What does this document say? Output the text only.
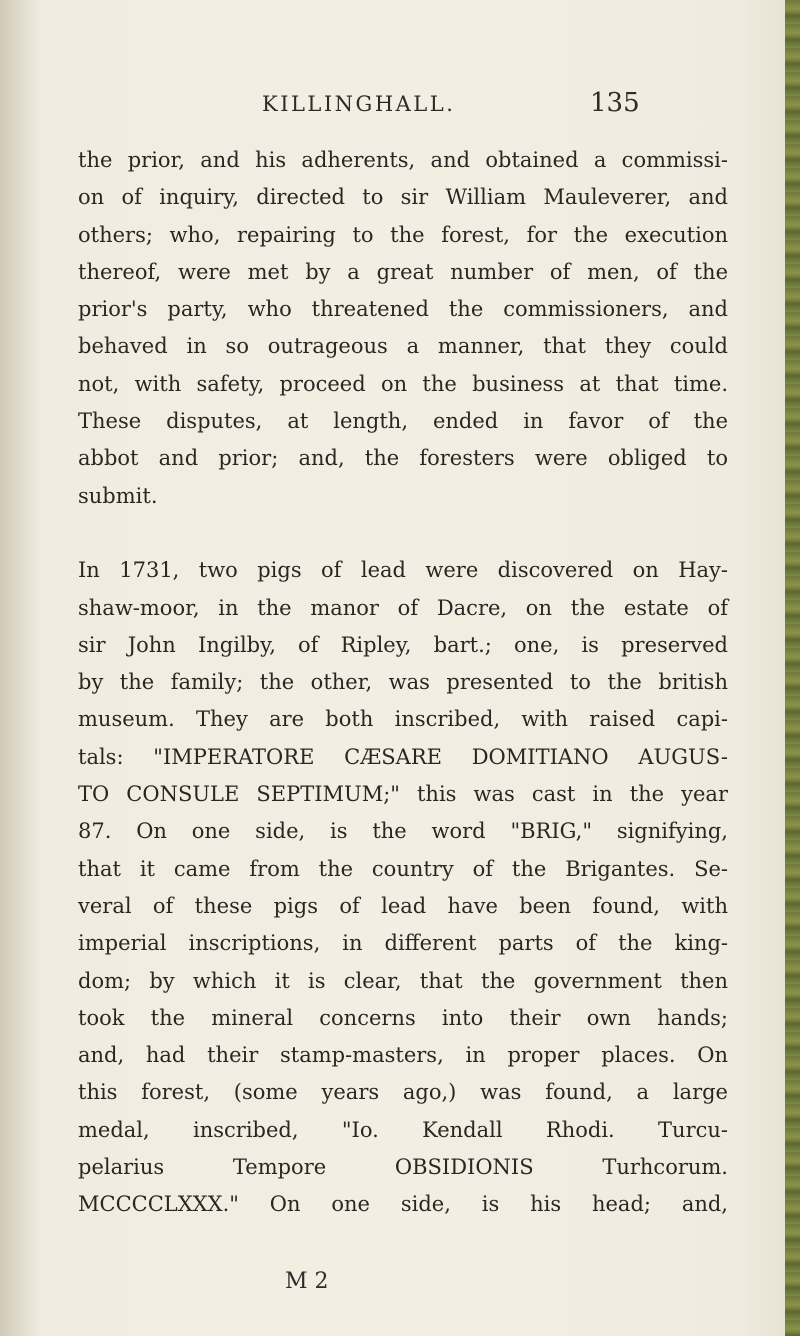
KILLINGHALL.	135
the prior, and his adherents, and obtained a commissi-
on of inquiry, directed to sir William Mauleverer, and
others; who, repairing to the forest, for the execution
thereof, were met by a great number of men, of the
prior's party, who threatened the commissioners, and
behaved in so outrageous a manner, that they could
not, with safety, proceed on the business at that time.
These disputes, at length, ended in favor of the
abbot and prior; and, the foresters were obliged to
submit.
In 1731, two pigs of lead were discovered on Hay-
shaw-moor, in the manor of Dacre, on the estate of
sir John Ingilby, of Ripley, bart.; one, is preserved
by the family; the other, was presented to the british
museum. They are both inscribed, with raised capi-
tals: "IMPERATORE CÆSARE DOMITIANO AUGUS-
TO CONSULE SEPTIMUM;" this was cast in the year
87. On one side, is the word "BRIG," signifying,
that it came from the country of the Brigantes. Se-
veral of these pigs of lead have been found, with
imperial inscriptions, in different parts of the king-
dom; by which it is clear, that the government then
took the mineral concerns into their own hands;
and, had their stamp-masters, in proper places. On
this forest, (some years ago,) was found, a large
medal, inscribed, "Io. Kendall Rhodi. Turcu-
pelarius Tempore OBSIDIONIS Turhcorum.
MCCCCLXXX." On one side, is his head; and,
M 2
